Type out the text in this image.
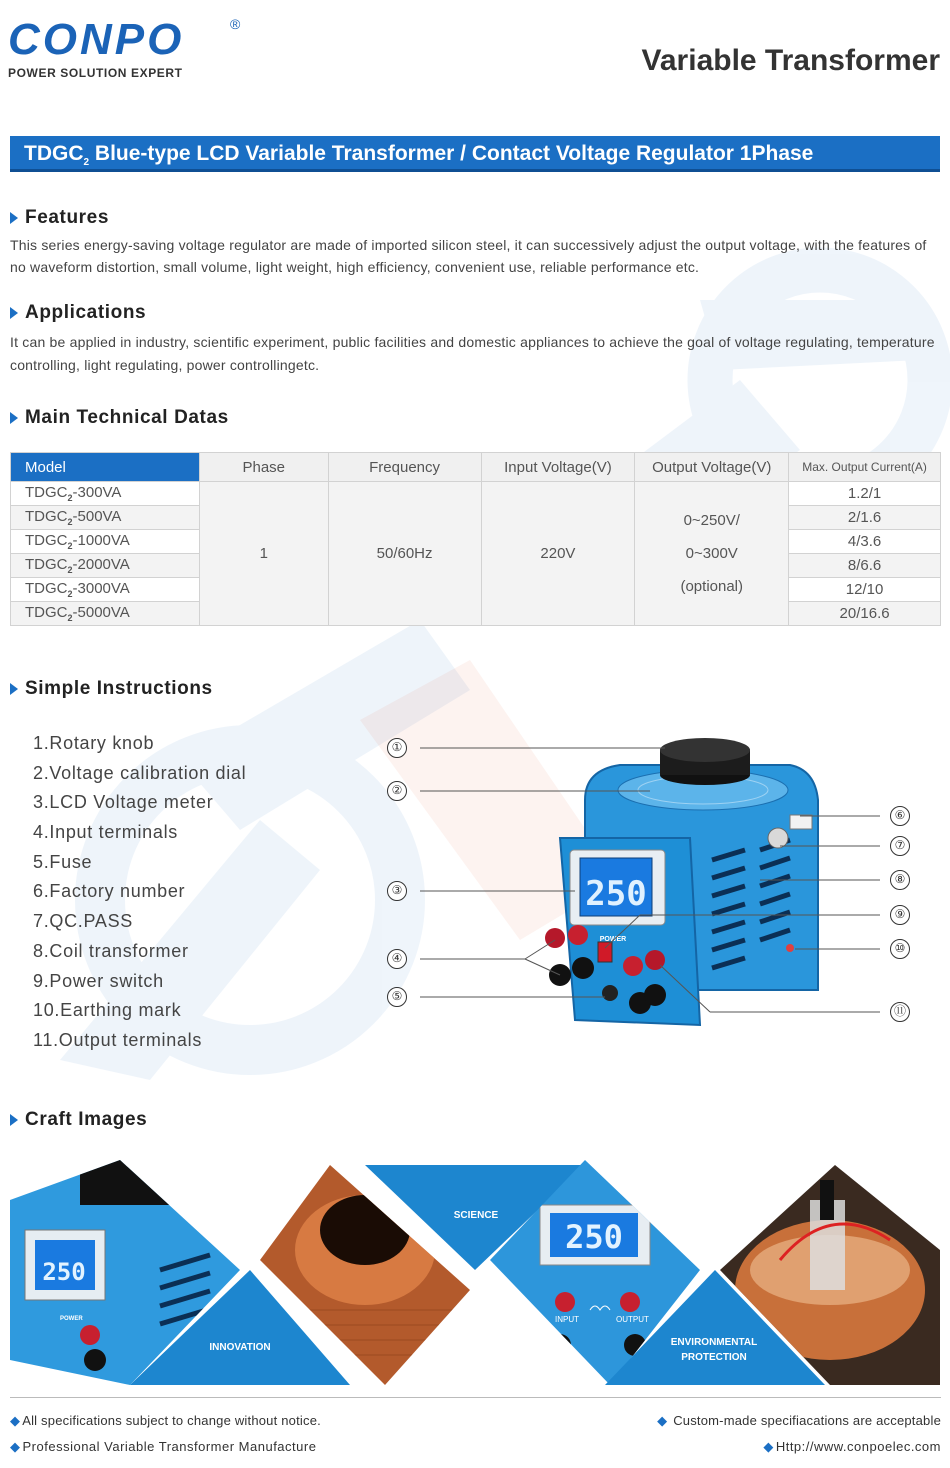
CONPO	®
POWER SOLUTION EXPERT	Variable Transformer
$TDGC_2$ Blue-type LCD Variable Transformer / Contact Voltage Regulator 1Phase
Features
This series energy-saving voltage regulator are made of imported silicon steel, it can successively adjust the output voltage, with the features of no waveform distortion, small volume, light weight, high efficiency, convenient use, reliable performance etc.
Applications
It can be applied in industry, scientific experiment, public facilities and domestic appliances to achieve the goal of voltage regulating, temperature controlling, light regulating, power controllingetc.
Main Technical Datas
Model	Phase	Frequency	Input Voltage(V)	Output Voltage(V)	Max. Output Current(A)
$TDGC_2-300VA$	1	50/60Hz	220V	0~250V/
0~300V
(optional)	1.2/1
$TDGC_2-500VA$					2/1.6
$TDGC_2-1000VA$					4/3.6
$TDGC_2-2000VA$					8/6.6
$TDGC_2-3000VA$					12/10
$TDGC_2-5000VA$					20/16.6
Simple Instructions
1.Rotary knob
2.Voltage calibration dial
3.LCD Voltage meter
4.Input terminals
5.Fuse
6.Factory number
7.QC.PASS
8.Coil transformer
9.Power switch
10.Earthing mark
11.Output terminals
250
POWER
①
②
③
④
⑤
⑥
⑦
⑧
⑨
⑩
⑪
Craft Images
250
POWER
INNOVATION
SCIENCE
250
INPUT	OUTPUT
ENVIRONMENTAL
PROTECTION
◆ All specifications subject to change without notice.
◆ Professional Variable Transformer Manufacture
◆ Custom-made specifiacations are acceptable
◆ Http://www.conpoelec.com
